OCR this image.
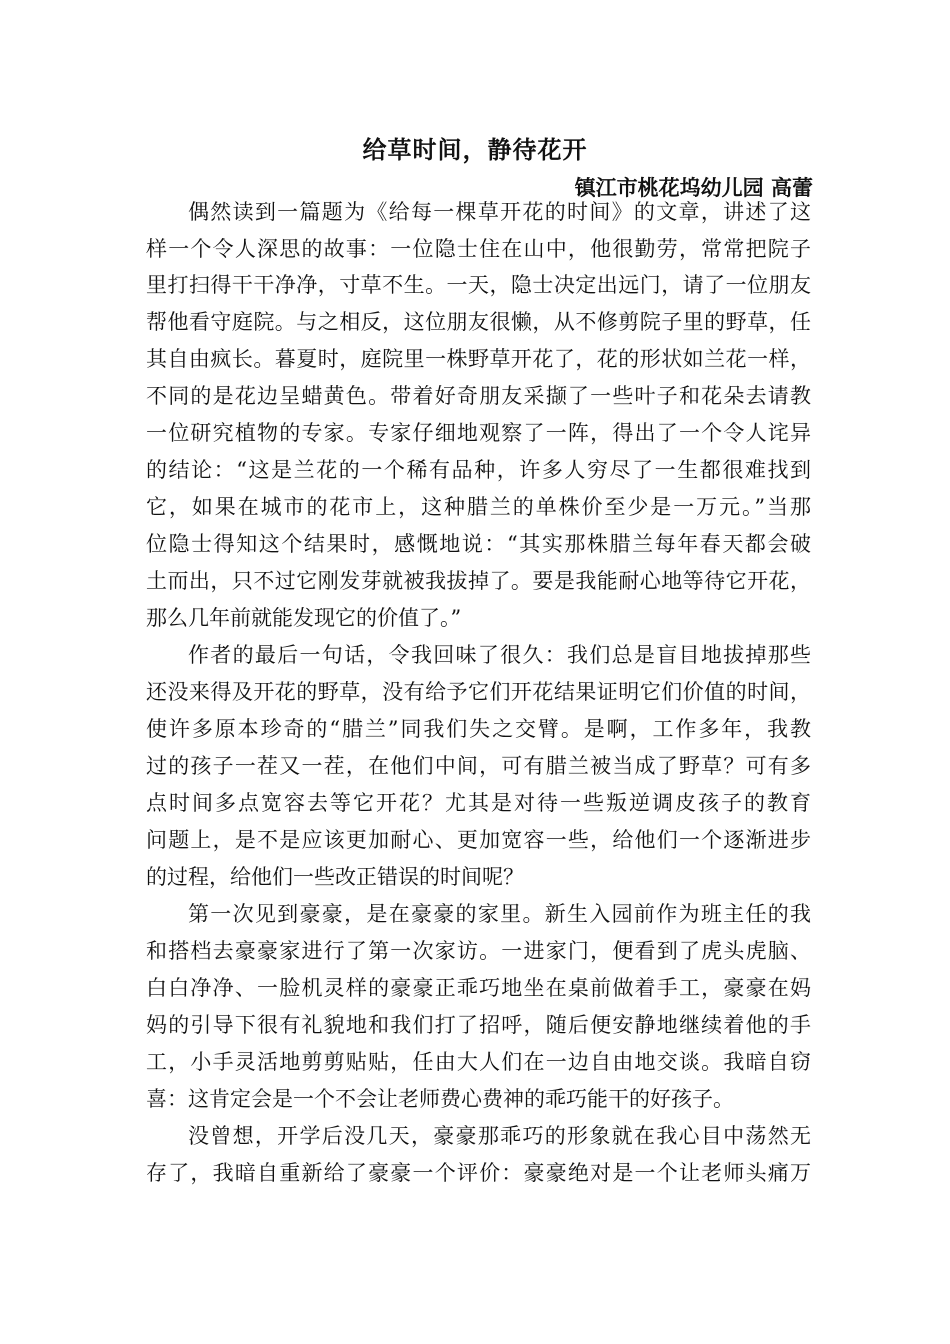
给草时间，静待花开
镇江市桃花坞幼儿园 高蕾
偶然读到一篇题为《给每一棵草开花的时间》的文章，讲述了这
样一个令人深思的故事：一位隐士住在山中，他很勤劳，常常把院子
里打扫得干干净净，寸草不生。一天，隐士决定出远门，请了一位朋友
帮他看守庭院。与之相反，这位朋友很懒，从不修剪院子里的野草，任
其自由疯长。暮夏时，庭院里一株野草开花了，花的形状如兰花一样，
不同的是花边呈蜡黄色。带着好奇朋友采撷了一些叶子和花朵去请教
一位研究植物的专家。专家仔细地观察了一阵，得出了一个令人诧异
的结论：“这是兰花的一个稀有品种，许多人穷尽了一生都很难找到
它，如果在城市的花市上，这种腊兰的单株价至少是一万元。”当那
位隐士得知这个结果时，感慨地说：“其实那株腊兰每年春天都会破
土而出，只不过它刚发芽就被我拔掉了。要是我能耐心地等待它开花，
那么几年前就能发现它的价值了。”
作者的最后一句话，令我回味了很久：我们总是盲目地拔掉那些
还没来得及开花的野草，没有给予它们开花结果证明它们价值的时间，
使许多原本珍奇的“腊兰”同我们失之交臂。是啊，工作多年，我教
过的孩子一茬又一茬，在他们中间，可有腊兰被当成了野草？可有多
点时间多点宽容去等它开花？尤其是对待一些叛逆调皮孩子的教育
问题上，是不是应该更加耐心、更加宽容一些，给他们一个逐渐进步
的过程，给他们一些改正错误的时间呢？
第一次见到豪豪，是在豪豪的家里。新生入园前作为班主任的我
和搭档去豪豪家进行了第一次家访。一进家门，便看到了虎头虎脑、
白白净净、一脸机灵样的豪豪正乖巧地坐在桌前做着手工，豪豪在妈
妈的引导下很有礼貌地和我们打了招呼，随后便安静地继续着他的手
工，小手灵活地剪剪贴贴，任由大人们在一边自由地交谈。我暗自窃
喜：这肯定会是一个不会让老师费心费神的乖巧能干的好孩子。
没曾想，开学后没几天，豪豪那乖巧的形象就在我心目中荡然无
存了，我暗自重新给了豪豪一个评价：豪豪绝对是一个让老师头痛万
